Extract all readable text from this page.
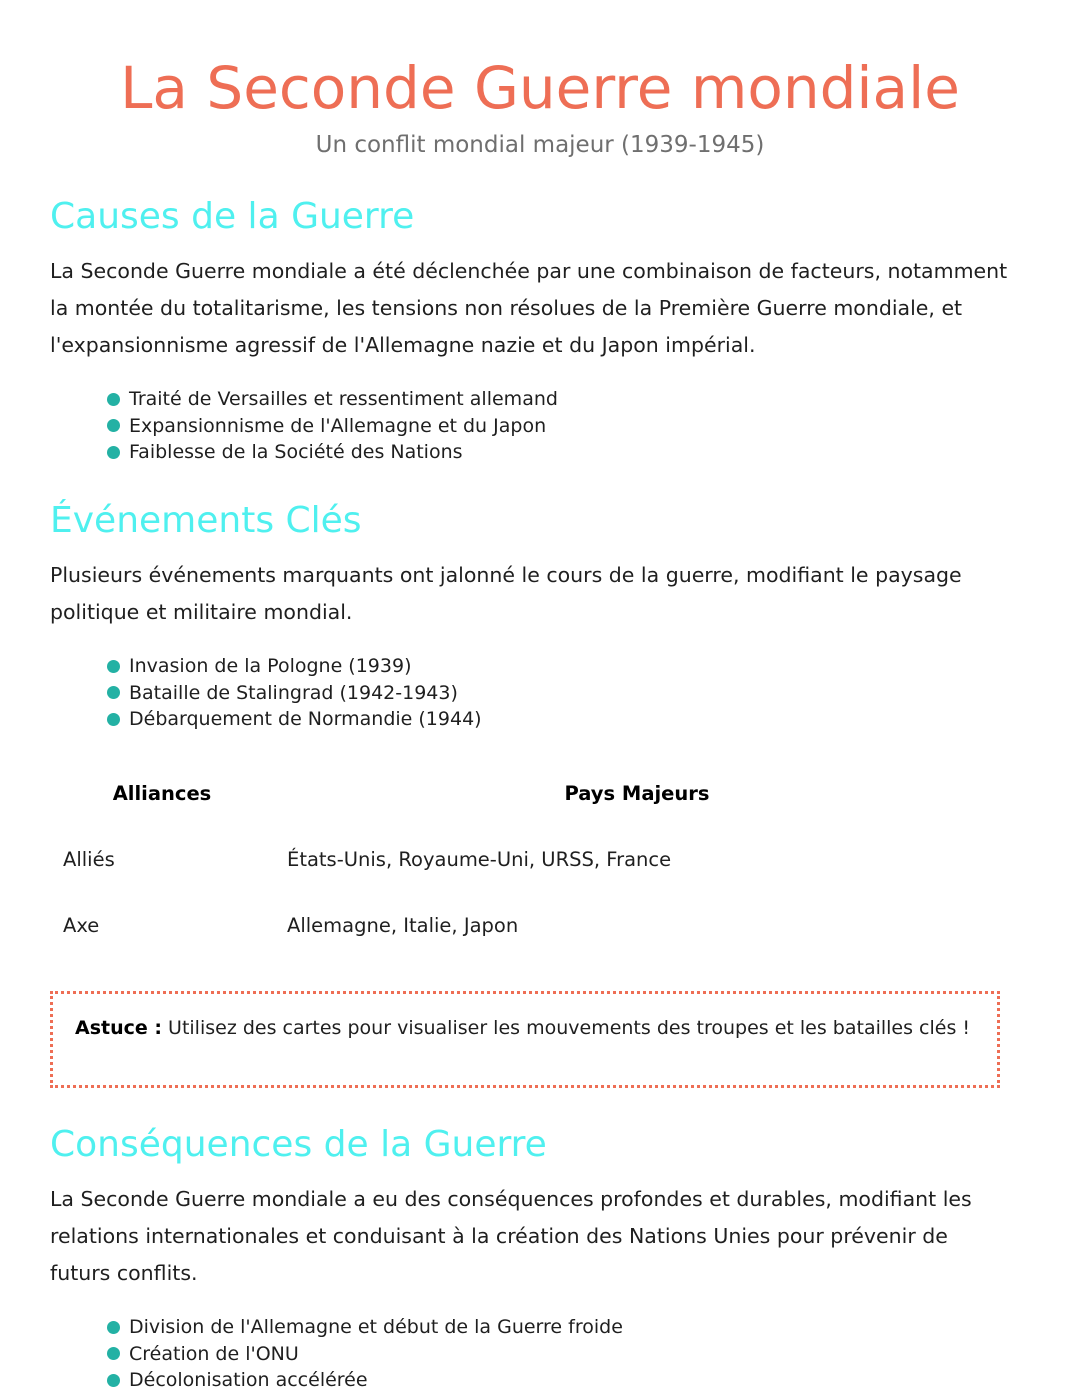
La Seconde Guerre mondiale
Un conflit mondial majeur (1939-1945)
Causes de la Guerre

La Seconde Guerre mondiale a été déclenchée par une combinaison de facteurs, notamment la montée du totalitarisme, les tensions non résolues de la Première Guerre mondiale, et l'expansionnisme agressif de l'Allemagne nazie et du Japon impérial.

Traité de Versailles et ressentiment allemand
Expansionnisme de l'Allemagne et du Japon
Faiblesse de la Société des Nations
Événements Clés

Plusieurs événements marquants ont jalonné le cours de la guerre, modifiant le paysage politique et militaire mondial.

Invasion de la Pologne (1939)
Bataille de Stalingrad (1942-1943)
Débarquement de Normandie (1944)
Alliances	Pays Majeurs
Alliés	États-Unis, Royaume-Uni, URSS, France
Axe	Allemagne, Italie, Japon
Astuce : Utilisez des cartes pour visualiser les mouvements des troupes et les batailles clés !
Conséquences de la Guerre

La Seconde Guerre mondiale a eu des conséquences profondes et durables, modifiant les relations internationales et conduisant à la création des Nations Unies pour prévenir de futurs conflits.

Division de l'Allemagne et début de la Guerre froide
Création de l'ONU
Décolonisation accélérée
